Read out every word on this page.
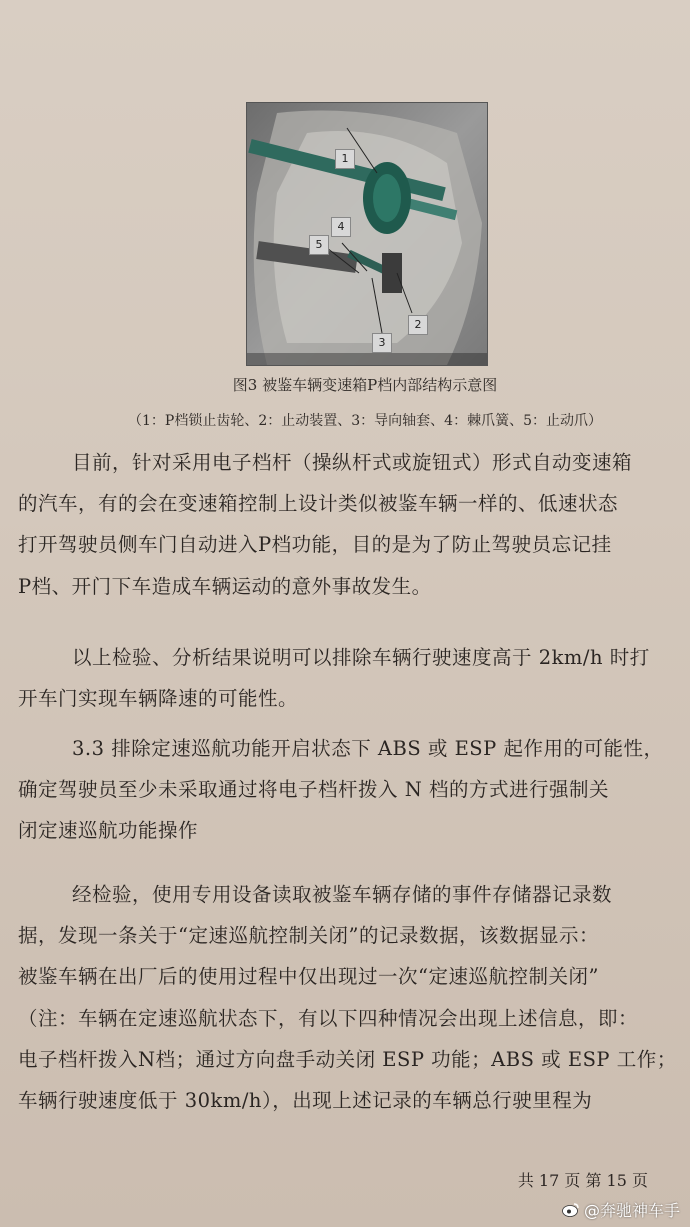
1
2
3
4
5
图3 被鉴车辆变速箱P档内部结构示意图
（1：P档锁止齿轮、2：止动装置、3：导向轴套、4：棘爪簧、5：止动爪）
目前，针对采用电子档杆（操纵杆式或旋钮式）形式自动变速箱
的汽车，有的会在变速箱控制上设计类似被鉴车辆一样的、低速状态
打开驾驶员侧车门自动进入P档功能，目的是为了防止驾驶员忘记挂
P档、开门下车造成车辆运动的意外事故发生。
以上检验、分析结果说明可以排除车辆行驶速度高于 2km/h 时打
开车门实现车辆降速的可能性。
3.3 排除定速巡航功能开启状态下 ABS 或 ESP 起作用的可能性，
确定驾驶员至少未采取通过将电子档杆拨入 N 档的方式进行强制关
闭定速巡航功能操作
经检验，使用专用设备读取被鉴车辆存储的事件存储器记录数
据，发现一条关于“定速巡航控制关闭”的记录数据，该数据显示：
被鉴车辆在出厂后的使用过程中仅出现过一次“定速巡航控制关闭”
（注：车辆在定速巡航状态下，有以下四种情况会出现上述信息，即：
电子档杆拨入N档；通过方向盘手动关闭 ESP 功能；ABS 或 ESP 工作；
车辆行驶速度低于 30km/h），出现上述记录的车辆总行驶里程为
共 17 页 第 15 页
@奔驰神车手
